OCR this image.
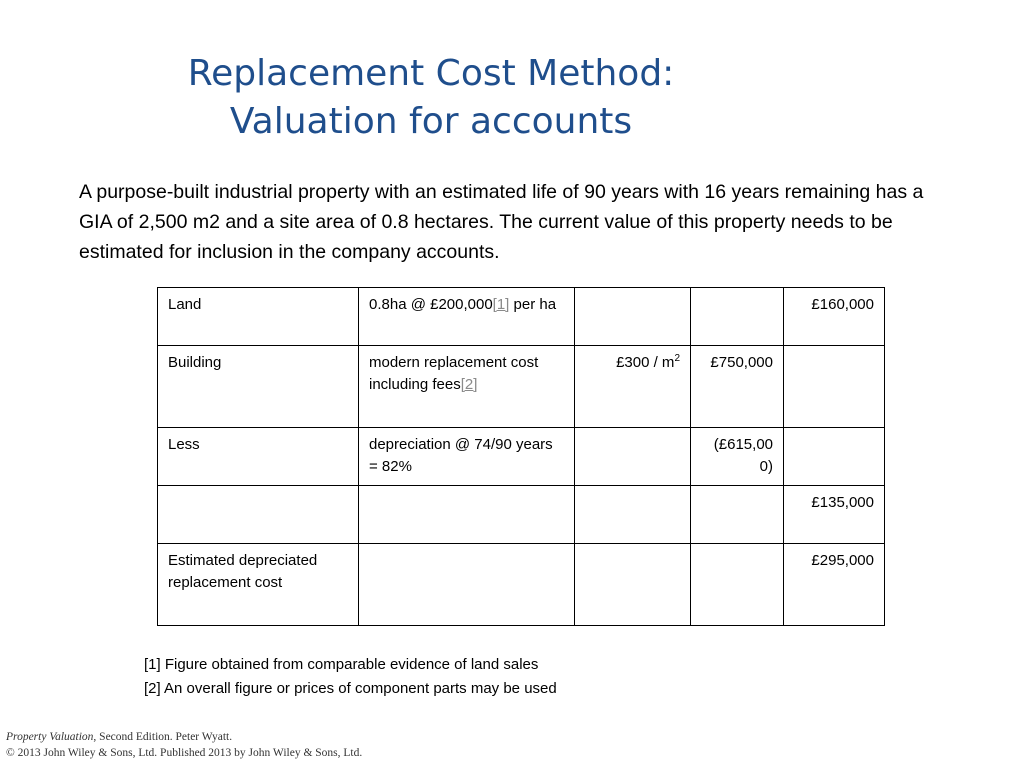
Replacement Cost Method:
Valuation for accounts
A purpose-built industrial property with an estimated life of 90 years with 16 years remaining has a GIA of 2,500 m2 and a site area of 0.8 hectares. The current value of this property needs to be estimated for inclusion in the company accounts.
Land	0.8ha @ £200,000[1] per ha			£160,000
Building	modern replacement cost including fees[2]	£300 / $m^2$	£750,000	
Less	depreciation @ 74/90 years = 82%		(£615,000)	
				£135,000
Estimated depreciated replacement cost				£295,000
[1] Figure obtained from comparable evidence of land sales
[2] An overall figure or prices of component parts may be used
Property Valuation, Second Edition. Peter Wyatt.
© 2013 John Wiley & Sons, Ltd. Published 2013 by John Wiley & Sons, Ltd.
